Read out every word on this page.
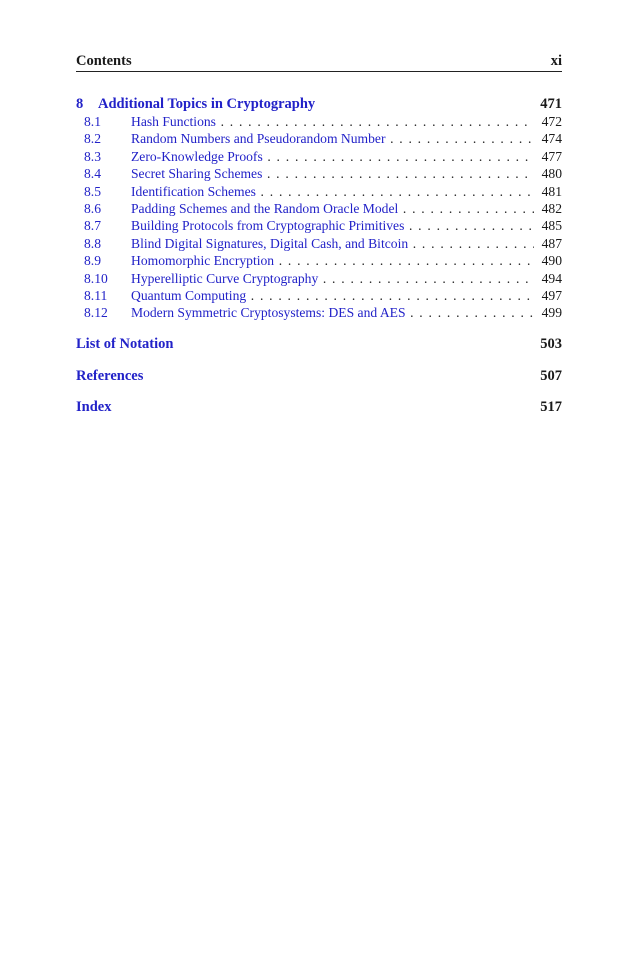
Contents	xi
8 Additional Topics in Cryptography	471
8.1 Hash Functions . . .	472
8.2 Random Numbers and Pseudorandom Number . . .	474
8.3 Zero-Knowledge Proofs . . .	477
8.4 Secret Sharing Schemes . . .	480
8.5 Identification Schemes . . .	481
8.6 Padding Schemes and the Random Oracle Model . . .	482
8.7 Building Protocols from Cryptographic Primitives . . .	485
8.8 Blind Digital Signatures, Digital Cash, and Bitcoin . . .	487
8.9 Homomorphic Encryption . . .	490
8.10 Hyperelliptic Curve Cryptography . . .	494
8.11 Quantum Computing . . .	497
8.12 Modern Symmetric Cryptosystems: DES and AES . . .	499
List of Notation	503
References	507
Index	517
